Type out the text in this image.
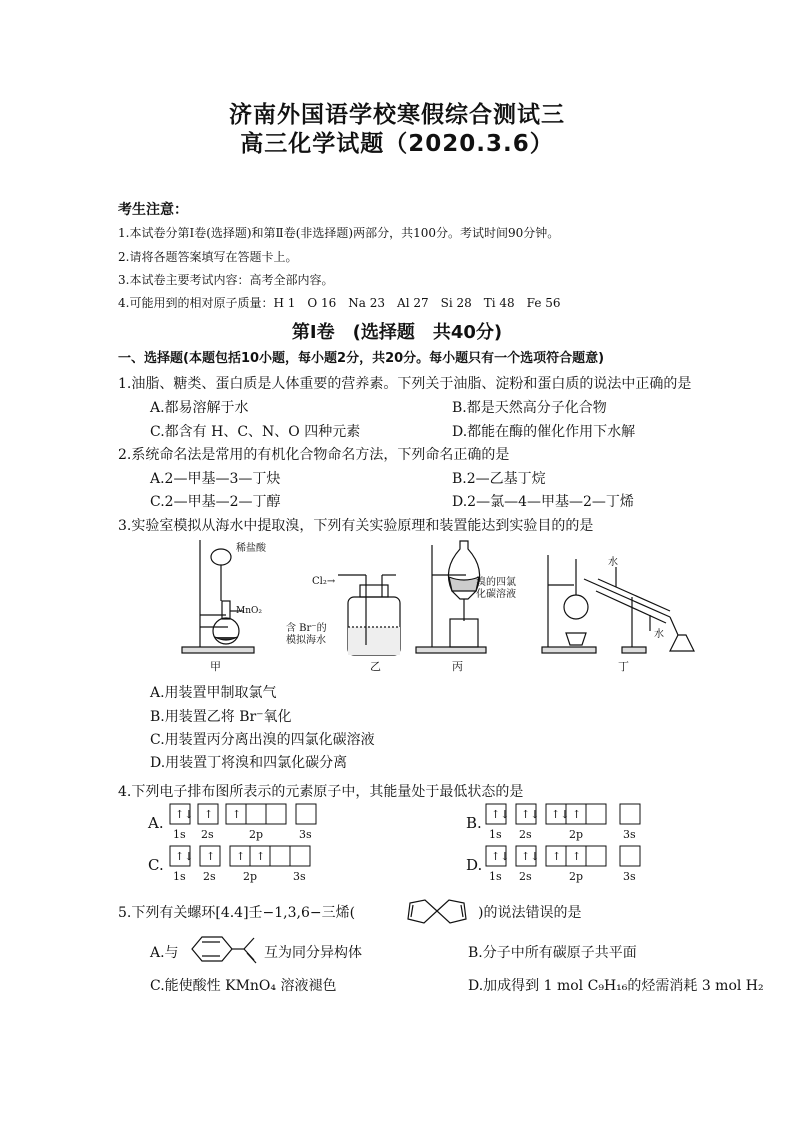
济南外国语学校寒假综合测试三
高三化学试题（2020.3.6）
考生注意：
1.本试卷分第Ⅰ卷(选择题)和第Ⅱ卷(非选择题)两部分，共100分。考试时间90分钟。
2.请将各题答案填写在答题卡上。
3.本试卷主要考试内容：高考全部内容。
4.可能用到的相对原子质量：H 1　O 16　Na 23　Al 27　Si 28　Ti 48　Fe 56
第Ⅰ卷　(选择题　共40分)
一、选择题(本题包括10小题，每小题2分，共20分。每小题只有一个选项符合题意)
1.油脂、糖类、蛋白质是人体重要的营养素。下列关于油脂、淀粉和蛋白质的说法中正确的是
A.都易溶解于水	B.都是天然高分子化合物
C.都含有 H、C、N、O 四种元素	D.都能在酶的催化作用下水解
2.系统命名法是常用的有机化合物命名方法，下列命名正确的是
A.2—甲基—3—丁炔	B.2—乙基丁烷
C.2—甲基—2—丁醇	D.2—氯—4—甲基—2—丁烯
3.实验室模拟从海水中提取溴，下列有关实验原理和装置能达到实验目的的是
稀盐酸
MnO₂
甲
Cl₂→
含 Br⁻的
模拟海水
乙
溴的四氯
化碳溶液
丙
水
水
丁
A.用装置甲制取氯气
B.用装置乙将 Br⁻氧化
C.用装置丙分离出溴的四氯化碳溶液
D.用装置丁将溴和四氯化碳分离
4.下列电子排布图所表示的元素原子中，其能量处于最低状态的是
A. ↑↓ ↑ ↑
1s 2s	2p	3s
B. ↑↓ ↑↓ ↑↓ ↑
1s 2s	2p	3s
C. ↑↓ ↑ ↑ ↑
1s 2s 2p	3s
D. ↑↓ ↑↓ ↑ ↑
1s 2s	2p	3s
5.下列有关螺环[4.4]壬−1,3,6−三烯(	)的说法错误的是
A.与	互为同分异构体	B.分子中所有碳原子共平面
C.能使酸性 KMnO₄ 溶液褪色	D.加成得到 1 mol C₉H₁₆的烃需消耗 3 mol H₂
